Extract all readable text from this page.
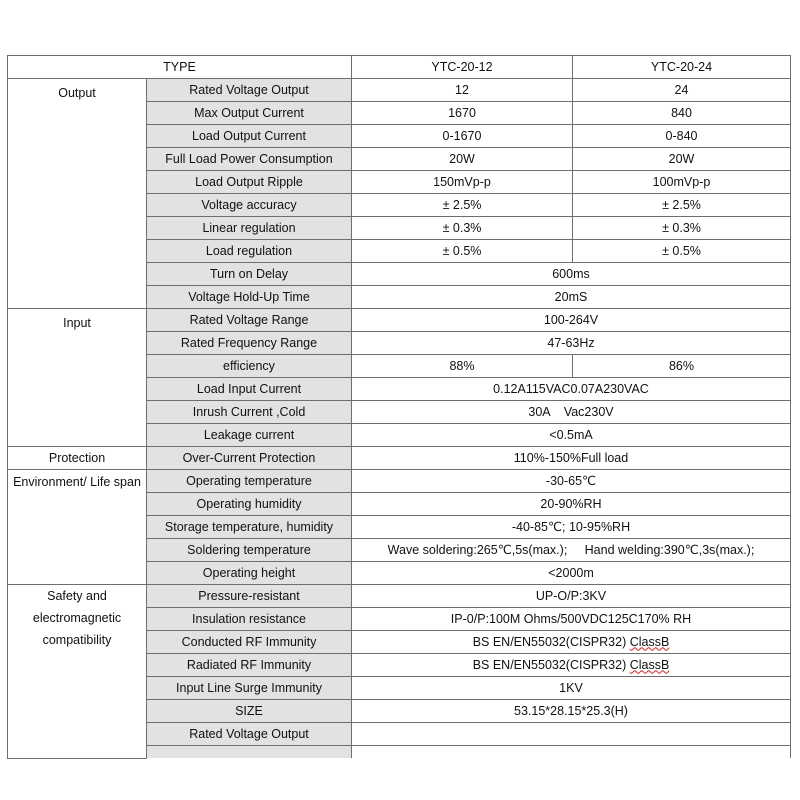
TYPE		YTC-20-12	YTC-20-24
Output	Rated Voltage Output	12	24
	Max Output Current	1670	840
	Load Output Current	0-1670	0-840
	Full Load Power Consumption	20W	20W
	Load Output Ripple	150mVp-p	100mVp-p
	Voltage accuracy	± 2.5%	± 2.5%
	Linear regulation	± 0.3%	± 0.3%
	Load regulation	± 0.5%	± 0.5%
	Turn on Delay	600ms	
	Voltage Hold-Up Time	20mS	
Input	Rated Voltage Range	100-264V	
	Rated Frequency Range	47-63Hz	
	efficiency	88%	86%
	Load Input Current	0.12A115VAC0.07A230VAC	
	Inrush Current ,Cold	30A    Vac230V	
	Leakage current	<0.5mA	
Protection	Over-Current Protection	110%-150%Full load	
Environment/ Life span	Operating temperature	-30-65℃	
	Operating humidity	20-90%RH	
	Storage temperature, humidity	-40-85℃; 10-95%RH	
	Soldering temperature	Wave soldering:265℃,5s(max.);     Hand welding:390℃,3s(max.);	
	Operating height	<2000m	
Safety and electromagnetic compatibility	Pressure-resistant	UP-O/P:3KV	
	Insulation resistance	IP-0/P:100M Ohms/500VDC125C170% RH	
	Conducted RF Immunity	BS EN/EN55032(CISPR32) ClassB	
	Radiated RF Immunity	BS EN/EN55032(CISPR32) ClassB	
	Input Line Surge Immunity	1KV	
	SIZE	53.15*28.15*25.3(H)	
	Rated Voltage Output		
